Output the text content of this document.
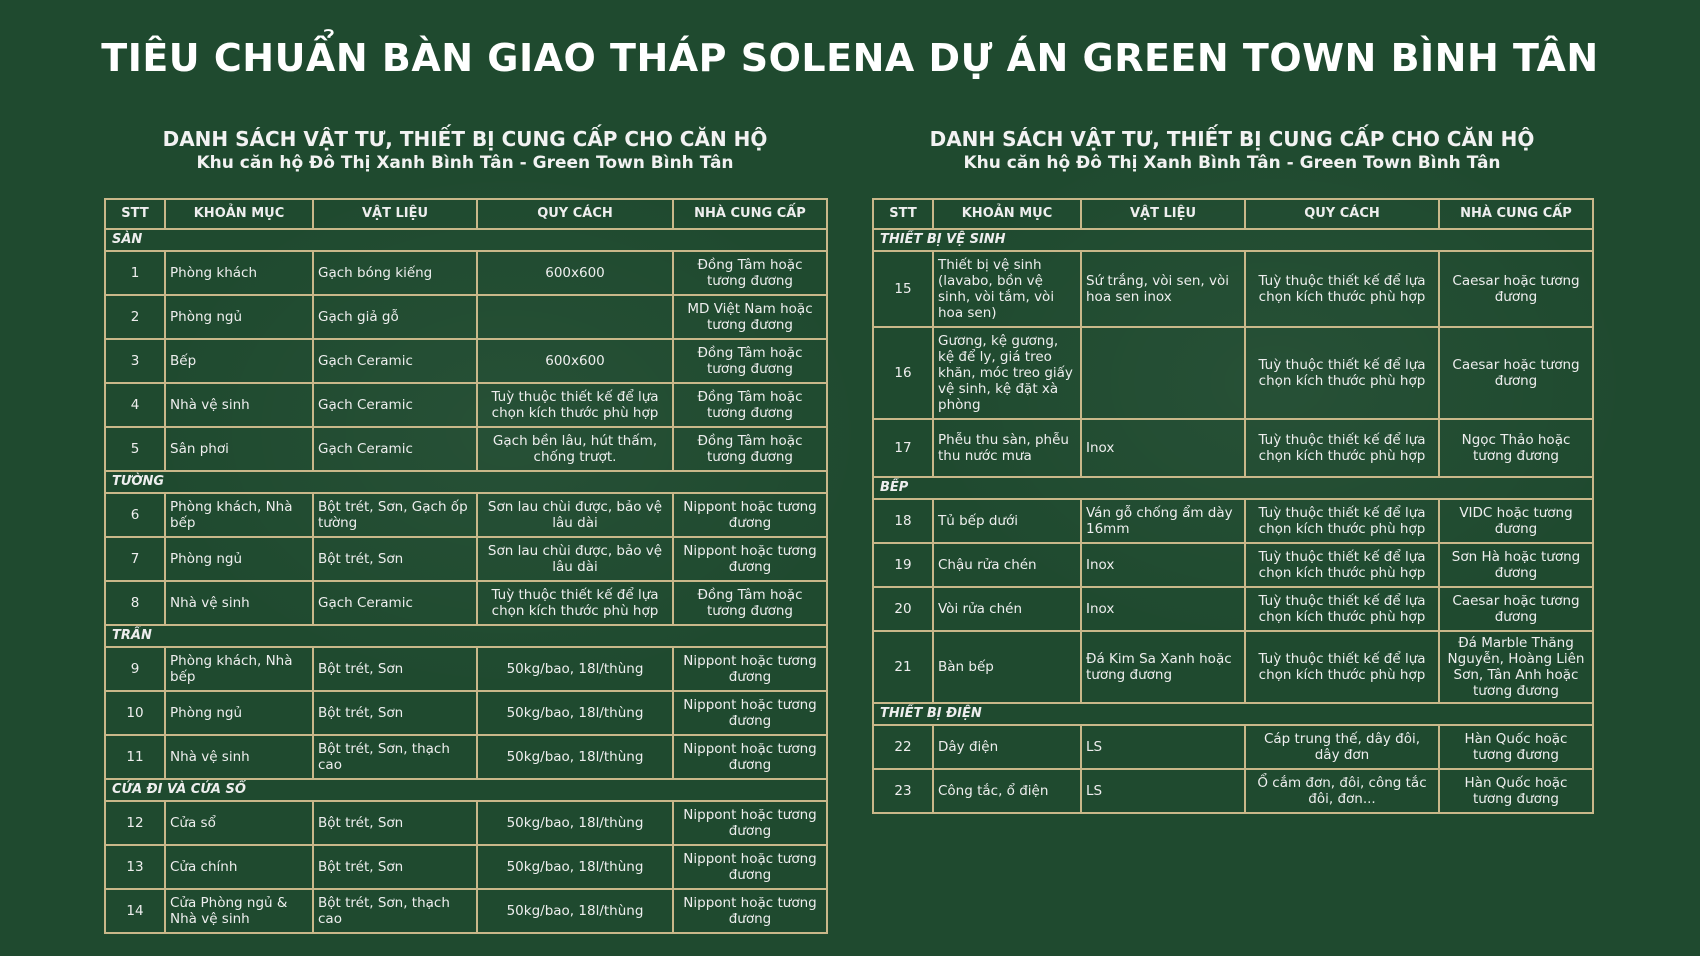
TIÊU CHUẨN BÀN GIAO THÁP SOLENA DỰ ÁN GREEN TOWN BÌNH TÂN
DANH SÁCH VẬT TƯ, THIẾT BỊ CUNG CẤP CHO CĂN HỘ
Khu căn hộ Đô Thị Xanh Bình Tân - Green Town Bình Tân
STT	KHOẢN MỤC	VẬT LIỆU	QUY CÁCH	NHÀ CUNG CẤP
SÀN				
1	Phòng khách	Gạch bóng kiếng	600x600	Đồng Tâm hoặc tương đương
2	Phòng ngủ	Gạch giả gỗ		MD Việt Nam hoặc tương đương
3	Bếp	Gạch Ceramic	600x600	Đồng Tâm hoặc tương đương
4	Nhà vệ sinh	Gạch Ceramic	Tuỳ thuộc thiết kế để lựa chọn kích thước phù hợp	Đồng Tâm hoặc tương đương
5	Sân phơi	Gạch Ceramic	Gạch bền lâu, hút thấm, chống trượt.	Đồng Tâm hoặc tương đương
TƯỜNG				
6	Phòng khách, Nhà bếp	Bột trét, Sơn, Gạch ốp tường	Sơn lau chùi được, bảo vệ lâu dài	Nippont hoặc tương đương
7	Phòng ngủ	Bột trét, Sơn	Sơn lau chùi được, bảo vệ lâu dài	Nippont hoặc tương đương
8	Nhà vệ sinh	Gạch Ceramic	Tuỳ thuộc thiết kế để lựa chọn kích thước phù hợp	Đồng Tâm hoặc tương đương
TRẦN				
9	Phòng khách, Nhà bếp	Bột trét, Sơn	50kg/bao, 18l/thùng	Nippont hoặc tương đương
10	Phòng ngủ	Bột trét, Sơn	50kg/bao, 18l/thùng	Nippont hoặc tương đương
11	Nhà vệ sinh	Bột trét, Sơn, thạch cao	50kg/bao, 18l/thùng	Nippont hoặc tương đương
CỬA ĐI VÀ CỬA SỔ				
12	Cửa sổ	Bột trét, Sơn	50kg/bao, 18l/thùng	Nippont hoặc tương đương
13	Cửa chính	Bột trét, Sơn	50kg/bao, 18l/thùng	Nippont hoặc tương đương
14	Cửa Phòng ngủ & Nhà vệ sinh	Bột trét, Sơn, thạch cao	50kg/bao, 18l/thùng	Nippont hoặc tương đương
DANH SÁCH VẬT TƯ, THIẾT BỊ CUNG CẤP CHO CĂN HỘ
Khu căn hộ Đô Thị Xanh Bình Tân - Green Town Bình Tân
STT	KHOẢN MỤC	VẬT LIỆU	QUY CÁCH	NHÀ CUNG CẤP
THIẾT BỊ VỆ SINH				
15	Thiết bị vệ sinh (lavabo, bồn vệ sinh, vòi tắm, vòi hoa sen)	Sứ trắng, vòi sen, vòi hoa sen inox	Tuỳ thuộc thiết kế để lựa chọn kích thước phù hợp	Caesar hoặc tương đương
16	Gương, kệ gương, kệ để ly, giá treo khăn, móc treo giấy vệ sinh, kệ đặt xà phòng		Tuỳ thuộc thiết kế để lựa chọn kích thước phù hợp	Caesar hoặc tương đương
17	Phễu thu sàn, phễu thu nước mưa	Inox	Tuỳ thuộc thiết kế để lựa chọn kích thước phù hợp	Ngọc Thảo hoặc tương đương
BẾP				
18	Tủ bếp dưới	Ván gỗ chống ẩm dày 16mm	Tuỳ thuộc thiết kế để lựa chọn kích thước phù hợp	VIDC hoặc tương đương
19	Chậu rửa chén	Inox	Tuỳ thuộc thiết kế để lựa chọn kích thước phù hợp	Sơn Hà hoặc tương đương
20	Vòi rửa chén	Inox	Tuỳ thuộc thiết kế để lựa chọn kích thước phù hợp	Caesar hoặc tương đương
21	Bàn bếp	Đá Kim Sa Xanh hoặc tương đương	Tuỳ thuộc thiết kế để lựa chọn kích thước phù hợp	Đá Marble Thăng Nguyễn, Hoàng Liên Sơn, Tân Anh hoặc tương đương
THIẾT BỊ ĐIỆN				
22	Dây điện	LS	Cáp trung thế, dây đôi, dây đơn	Hàn Quốc hoặc tương đương
23	Công tắc, ổ điện	LS	Ổ cắm đơn, đôi, công tắc đôi, đơn...	Hàn Quốc hoặc tương đương
